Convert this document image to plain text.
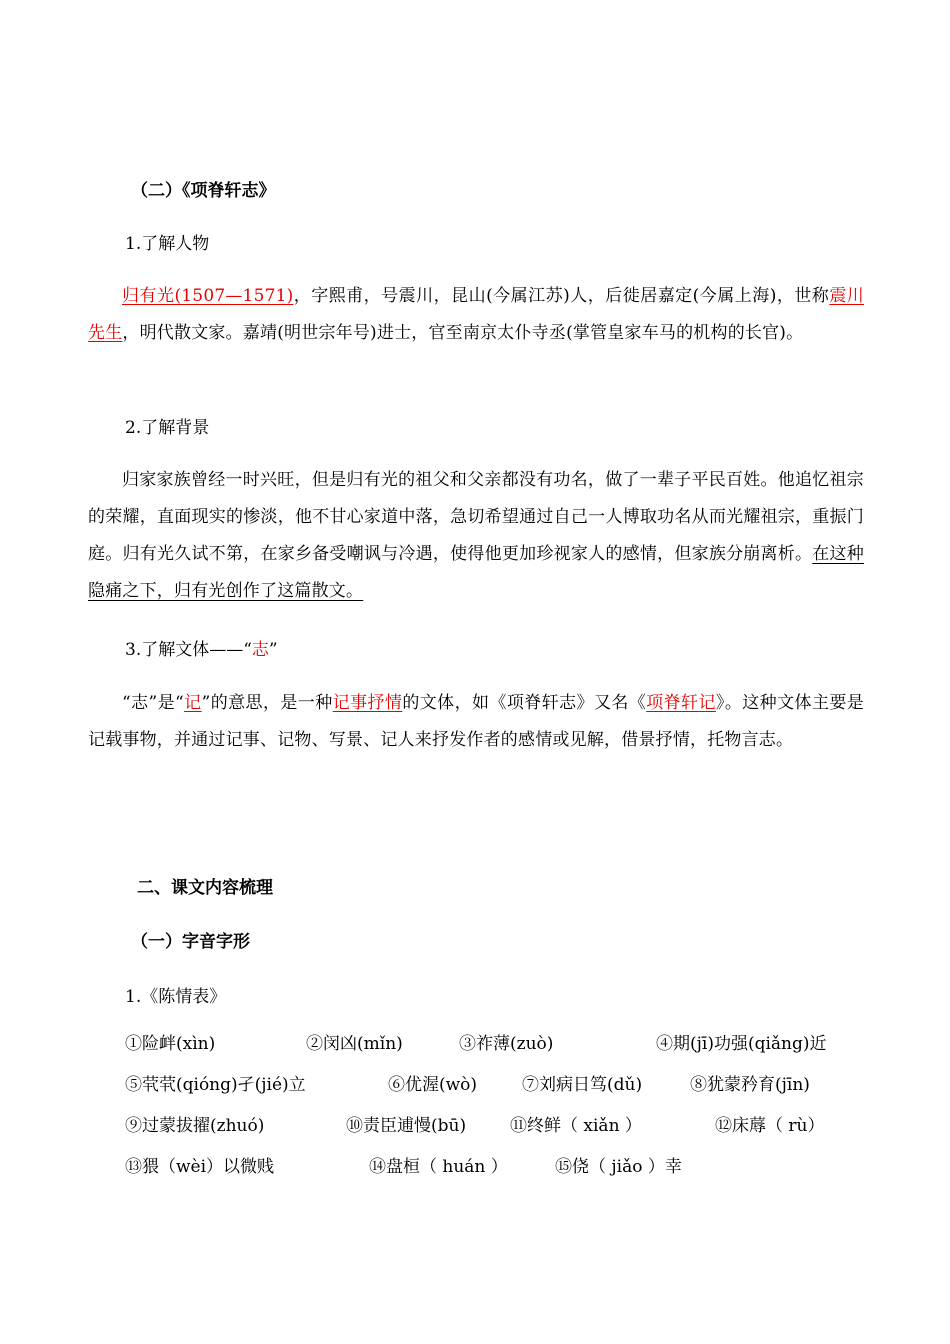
（二）《项脊轩志》
1.了解人物
归有光(1507—1571)，字熙甫，号震川，昆山(今属江苏)人，后徙居嘉定(今属上海)，世称震川先生，明代散文家。嘉靖(明世宗年号)进士，官至南京太仆寺丞(掌管皇家车马的机构的长官)。
2.了解背景
归家家族曾经一时兴旺，但是归有光的祖父和父亲都没有功名，做了一辈子平民百姓。他追忆祖宗的荣耀，直面现实的惨淡，他不甘心家道中落，急切希望通过自己一人博取功名从而光耀祖宗，重振门庭。归有光久试不第，在家乡备受嘲讽与冷遇，使得他更加珍视家人的感情，但家族分崩离析。在这种隐痛之下，归有光创作了这篇散文。
3.了解文体——“志”
“志”是“记”的意思，是一种记事抒情的文体，如《项脊轩志》又名《项脊轩记》。这种文体主要是记载事物，并通过记事、记物、写景、记人来抒发作者的感情或见解，借景抒情，托物言志。
二、课文内容梳理
（一）字音字形
1.《陈情表》
①险衅(xìn)	②闵凶(mǐn)	③祚薄(zuò)	④期(jī)功强(qiǎng)近
⑤茕茕(qióng)孑(jié)立	⑥优渥(wò)	⑦刘病日笃(dǔ)	⑧犹蒙矜育(jīn)
⑨过蒙拔擢(zhuó)	⑩责臣逋慢(bū)	⑪终鲜（ xiǎn ）	⑫床蓐（ rù）
⑬猥（wèi）以微贱	⑭盘桓（ huán ）	⑮侥（ jiǎo ）幸
